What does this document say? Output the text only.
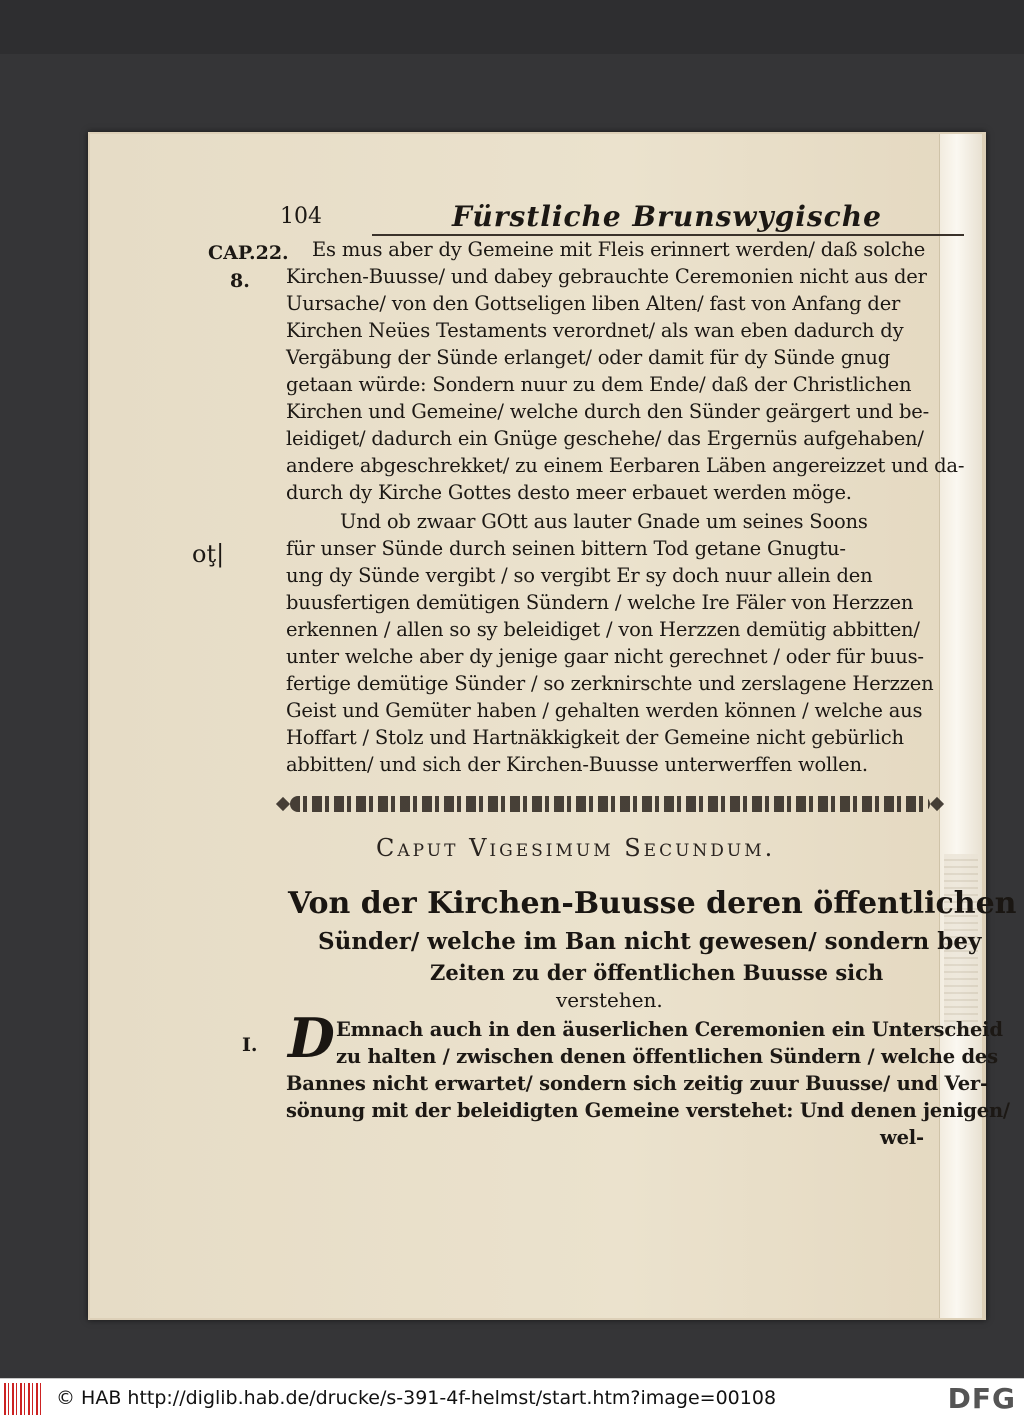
104	Fürstliche Brunswygische
CAP.22.
8.
oţ|
I.
Es mus aber dy Gemeine mit Fleis erinnert werden/ daß solche
Kirchen-Buusse/ und dabey gebrauchte Ceremonien nicht aus der
Uursache/ von den Gottseligen liben Alten/ fast von Anfang der
Kirchen Neües Testaments verordnet/ als wan eben dadurch dy
Vergäbung der Sünde erlanget/ oder damit für dy Sünde gnug
getaan würde: Sondern nuur zu dem Ende/ daß der Christlichen
Kirchen und Gemeine/ welche durch den Sünder geärgert und be-
leidiget/ dadurch ein Gnüge geschehe/ das Ergernüs aufgehaben/
andere abgeschrekket/ zu einem Eerbaren Läben angereizzet und da-
durch dy Kirche Gottes desto meer erbauet werden möge.
Und ob zwaar GOtt aus lauter Gnade um seines Soons
für unser Sünde durch seinen bittern Tod getane Gnugtu-
ung dy Sünde vergibt / so vergibt Er sy doch nuur allein den
buusfertigen demütigen Sündern / welche Ire Fäler von Herzzen
erkennen / allen so sy beleidiget / von Herzzen demütig abbitten/
unter welche aber dy jenige gaar nicht gerechnet / oder für buus-
fertige demütige Sünder / so zerknirschte und zerslagene Herzzen
Geist und Gemüter haben / gehalten werden können / welche aus
Hoffart / Stolz und Hartnäkkigkeit der Gemeine nicht gebürlich
abbitten/ und sich der Kirchen-Buusse unterwerffen wollen.
Caput Vigesimum Secundum.
Von der Kirchen-Buusse deren öffentlichen
Sünder/ welche im Ban nicht gewesen/ sondern bey
Zeiten zu der öffentlichen Buusse sich
verstehen.
D Emnach auch in den äuserlichen Ceremonien ein Unterscheid
zu halten / zwischen denen öffentlichen Sündern / welche des
Bannes nicht erwartet/ sondern sich zeitig zuur Buusse/ und Ver-
sönung mit der beleidigten Gemeine verstehet: Und denen jenigen/
wel-
© HAB http://diglib.hab.de/drucke/s-391-4f-helmst/start.htm?image=00108	DFG
